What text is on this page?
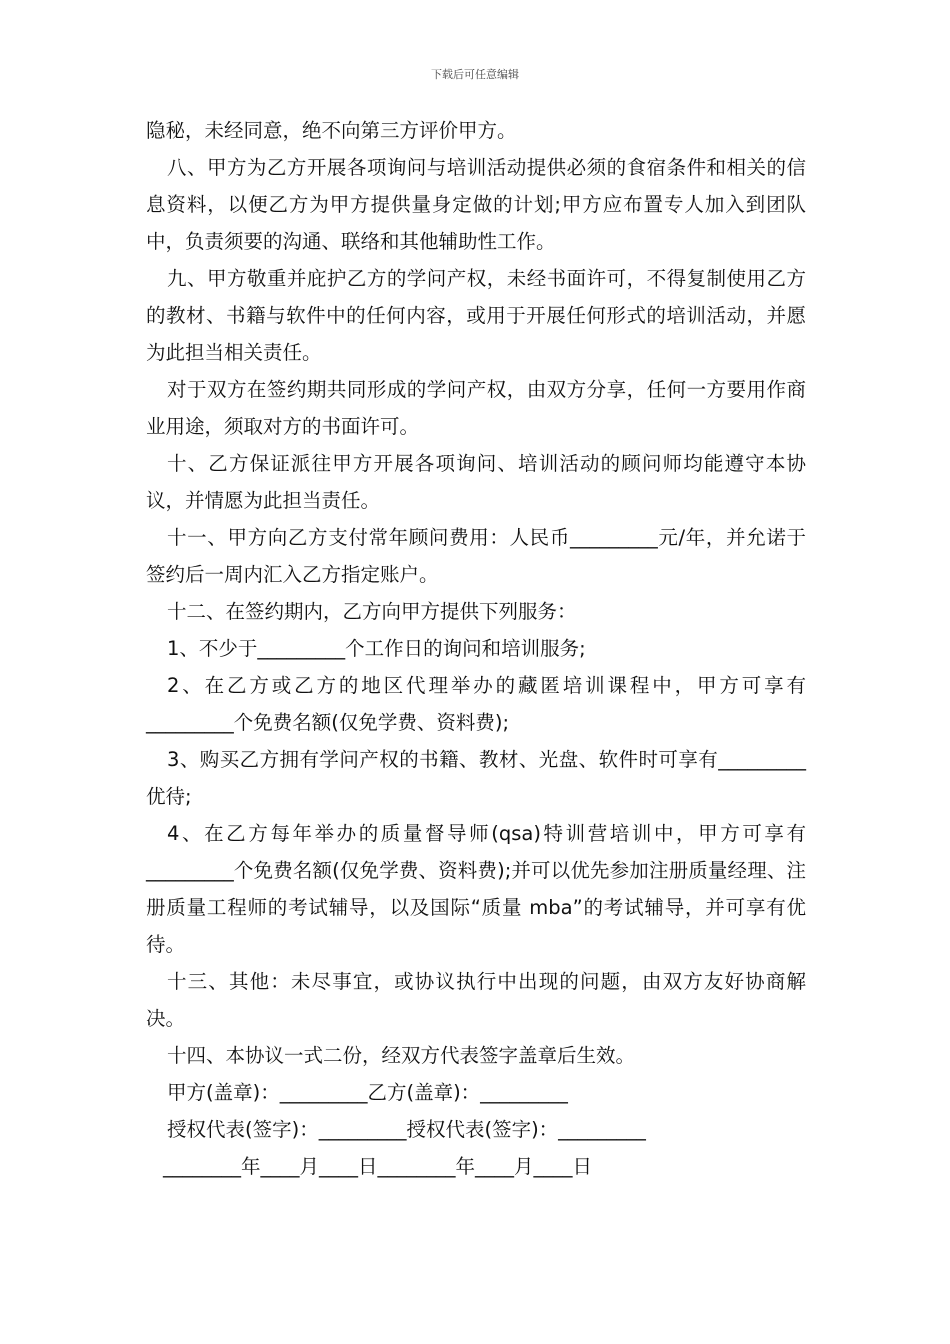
下载后可任意编辑

隐秘，未经同意，绝不向第三方评价甲方。

八、甲方为乙方开展各项询问与培训活动提供必须的食宿条件和相关的信息资料，以便乙方为甲方提供量身定做的计划;甲方应布置专人加入到团队中，负责须要的沟通、联络和其他辅助性工作。

九、甲方敬重并庇护乙方的学问产权，未经书面许可，不得复制使用乙方的教材、书籍与软件中的任何内容，或用于开展任何形式的培训活动，并愿为此担当相关责任。

对于双方在签约期共同形成的学问产权，由双方分享，任何一方要用作商业用途，须取对方的书面许可。

十、乙方保证派往甲方开展各项询问、培训活动的顾问师均能遵守本协议，并情愿为此担当责任。

十一、甲方向乙方支付常年顾问费用：人民币_________元/年，并允诺于签约后一周内汇入乙方指定账户。

十二、在签约期内，乙方向甲方提供下列服务：

1、不少于_________个工作日的询问和培训服务;

2、在乙方或乙方的地区代理举办的藏匿培训课程中，甲方可享有_________个免费名额(仅免学费、资料费);

3、购买乙方拥有学问产权的书籍、教材、光盘、软件时可享有_________优待;

4、在乙方每年举办的质量督导师(qsa)特训营培训中，甲方可享有_________个免费名额(仅免学费、资料费);并可以优先参加注册质量经理、注册质量工程师的考试辅导，以及国际“质量 mba”的考试辅导，并可享有优待。

十三、其他：未尽事宜，或协议执行中出现的问题，由双方友好协商解决。

十四、本协议一式二份，经双方代表签字盖章后生效。

甲方(盖章)：_________乙方(盖章)：_________

授权代表(签字)：_________授权代表(签字)：_________

________年____月____日________年____月____日
